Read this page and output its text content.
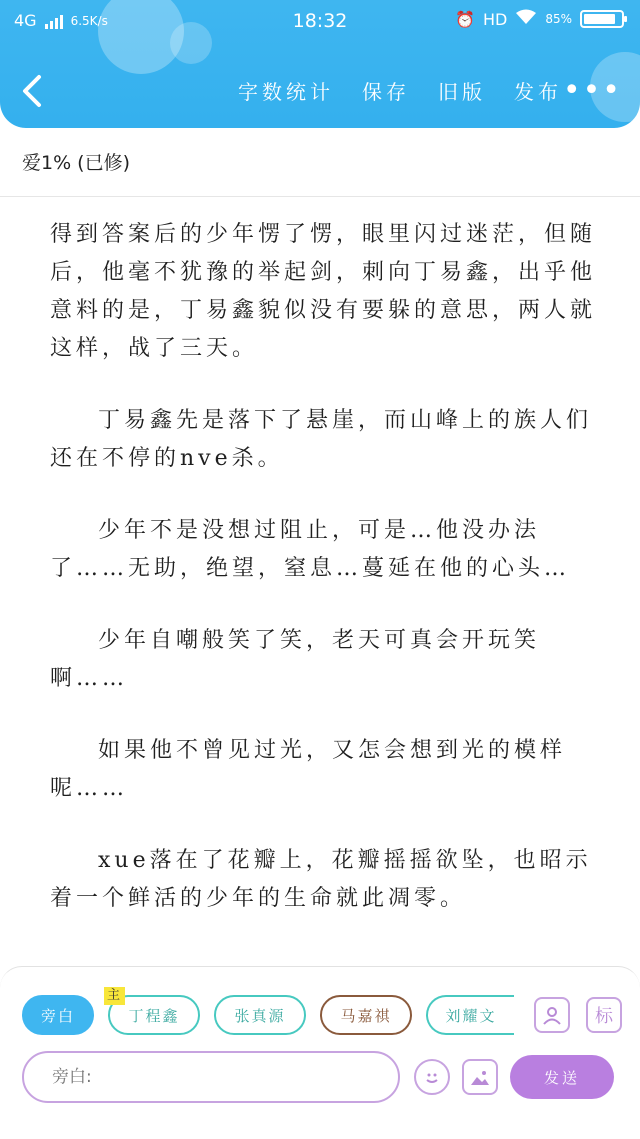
4G	6.5K/s	18:32	⏰ HD	85%
字数统计 保存 旧版 发布 •••
爱1% (已修)

得到答案后的少年愣了愣，眼里闪过迷茫，但随后，他毫不犹豫的举起剑，刺向丁易鑫，出乎他意料的是，丁易鑫貌似没有要躲的意思，两人就这样，战了三天。

丁易鑫先是落下了悬崖，而山峰上的族人们还在不停的nve杀。

少年不是没想过阻止，可是…他没办法了……无助，绝望，窒息…蔓延在他的心头…

少年自嘲般笑了笑，老天可真会开玩笑啊……

如果他不曾见过光，又怎会想到光的模样呢……

xue落在了花瓣上，花瓣摇摇欲坠，也昭示着一个鲜活的少年的生命就此凋零。

旁白
主
丁程鑫	张真源	马嘉祺	刘耀文	标
旁白:
发送
